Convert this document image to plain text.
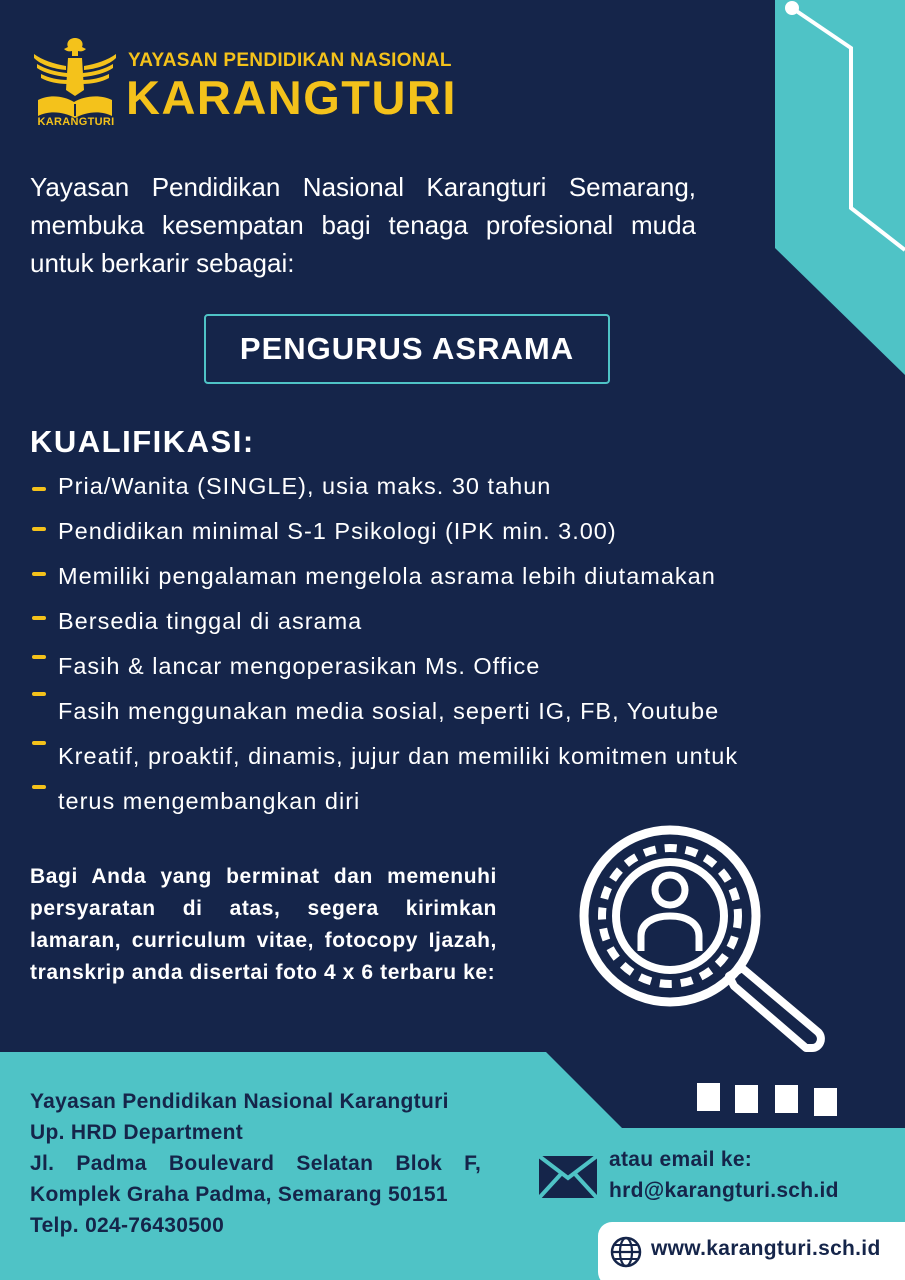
KARANGTURI
YAYASAN PENDIDIKAN NASIONAL
KARANGTURI
Yayasan Pendidikan Nasional Karangturi Semarang, membuka kesempatan bagi tenaga profesional muda untuk berkarir sebagai:
PENGURUS ASRAMA
KUALIFIKASI:
Pria/Wanita (SINGLE), usia maks. 30 tahun
Pendidikan minimal S-1 Psikologi (IPK min. 3.00)
Memiliki pengalaman mengelola asrama lebih diutamakan
Bersedia tinggal di asrama
Fasih & lancar mengoperasikan Ms. Office
Fasih menggunakan media sosial, seperti IG, FB, Youtube
Kreatif, proaktif, dinamis, jujur dan memiliki komitmen untuk
terus mengembangkan diri
Bagi Anda yang berminat dan memenuhi persyaratan di atas, segera kirimkan lamaran, curriculum vitae, fotocopy Ijazah, transkrip anda disertai foto 4 x 6 terbaru ke:
Yayasan Pendidikan Nasional Karangturi
Up. HRD Department
Jl. Padma Boulevard Selatan Blok F,
Komplek Graha Padma, Semarang 50151
Telp. 024-76430500
atau email ke:
hrd@karangturi.sch.id
www.karangturi.sch.id
